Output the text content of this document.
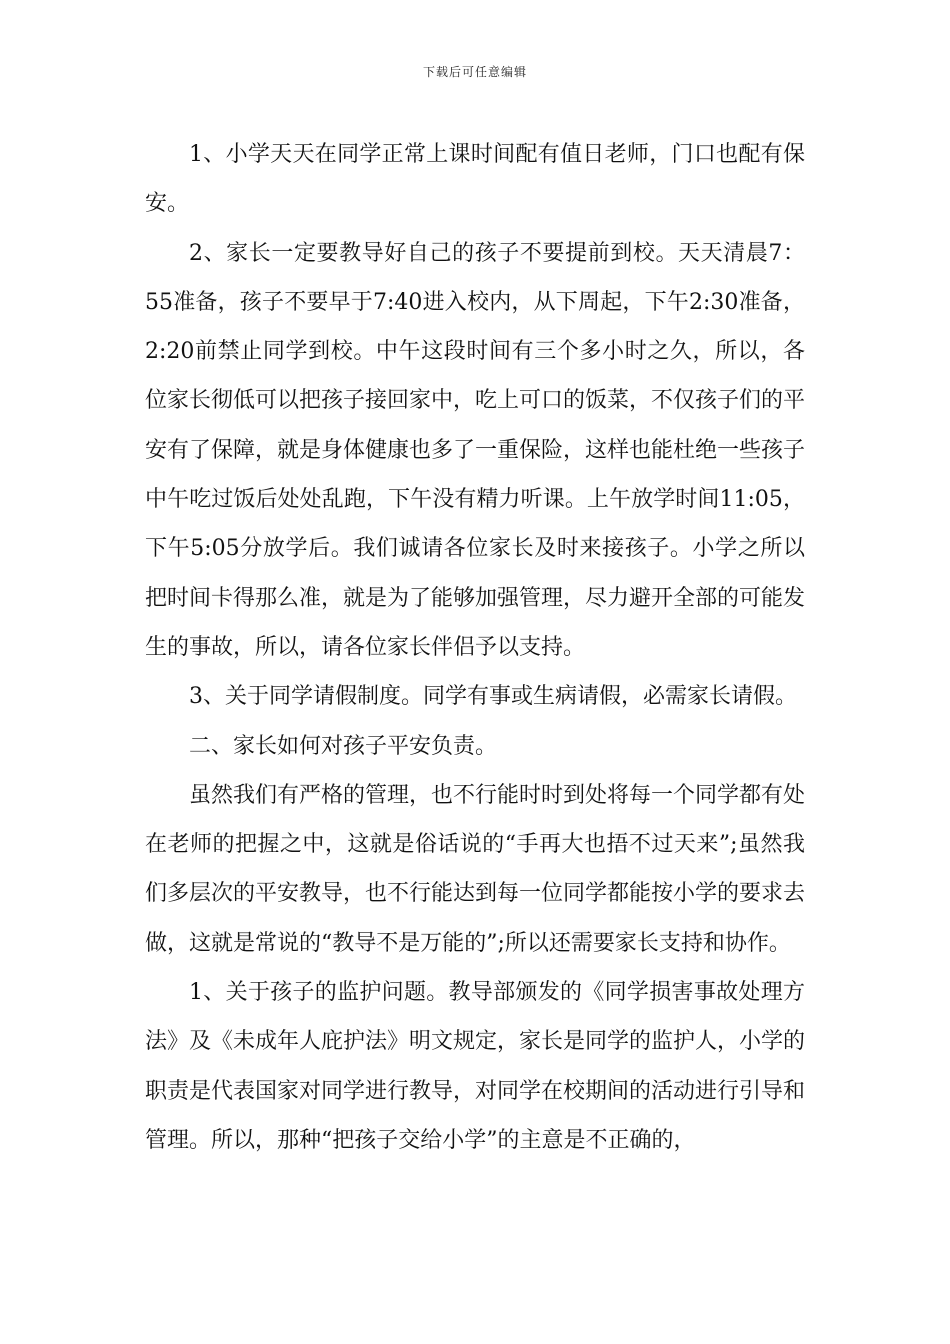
下载后可任意编辑

1、小学天天在同学正常上课时间配有值日老师，门口也配有保安。

2、家长一定要教导好自己的孩子不要提前到校。天天清晨7：55准备，孩子不要早于7:40进入校内，从下周起，下午2:30准备，2:20前禁止同学到校。中午这段时间有三个多小时之久，所以，各位家长彻低可以把孩子接回家中，吃上可口的饭菜，不仅孩子们的平安有了保障，就是身体健康也多了一重保险，这样也能杜绝一些孩子中午吃过饭后处处乱跑，下午没有精力听课。上午放学时间11:05，下午5:05分放学后。我们诚请各位家长及时来接孩子。小学之所以把时间卡得那么准，就是为了能够加强管理，尽力避开全部的可能发生的事故，所以，请各位家长伴侣予以支持。

3、关于同学请假制度。同学有事或生病请假，必需家长请假。

二、家长如何对孩子平安负责。

虽然我们有严格的管理，也不行能时时到处将每一个同学都有处在老师的把握之中，这就是俗话说的“手再大也捂不过天来”;虽然我们多层次的平安教导，也不行能达到每一位同学都能按小学的要求去做，这就是常说的“教导不是万能的”;所以还需要家长支持和协作。

1、关于孩子的监护问题。教导部颁发的《同学损害事故处理方法》及《未成年人庇护法》明文规定，家长是同学的监护人，小学的职责是代表国家对同学进行教导，对同学在校期间的活动进行引导和管理。所以，那种“把孩子交给小学”的主意是不正确的，
